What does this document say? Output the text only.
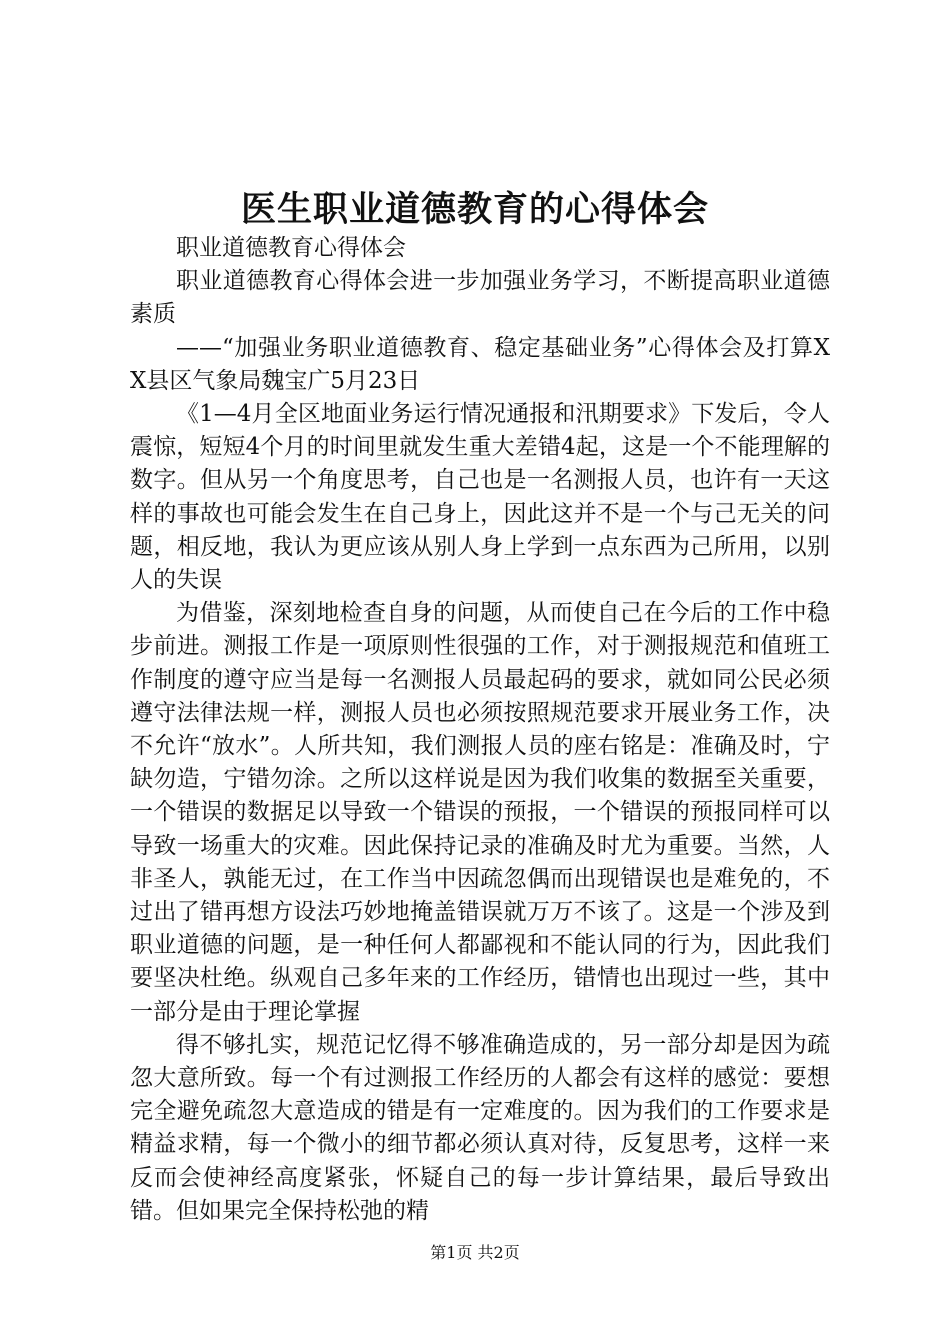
医生职业道德教育的心得体会

职业道德教育心得体会

职业道德教育心得体会进一步加强业务学习，不断提高职业道德素质

——“加强业务职业道德教育、稳定基础业务”心得体会及打算XX县区气象局魏宝广5月23日

《1—4月全区地面业务运行情况通报和汛期要求》下发后，令人震惊，短短4个月的时间里就发生重大差错4起，这是一个不能理解的数字。但从另一个角度思考，自己也是一名测报人员，也许有一天这样的事故也可能会发生在自己身上，因此这并不是一个与己无关的问题，相反地，我认为更应该从别人身上学到一点东西为己所用，以别人的失误

为借鉴，深刻地检查自身的问题，从而使自己在今后的工作中稳步前进。测报工作是一项原则性很强的工作，对于测报规范和值班工作制度的遵守应当是每一名测报人员最起码的要求，就如同公民必须遵守法律法规一样，测报人员也必须按照规范要求开展业务工作，决不允许“放水”。人所共知，我们测报人员的座右铭是：准确及时，宁缺勿造，宁错勿涂。之所以这样说是因为我们收集的数据至关重要，一个错误的数据足以导致一个错误的预报，一个错误的预报同样可以导致一场重大的灾难。因此保持记录的准确及时尤为重要。当然，人非圣人，孰能无过，在工作当中因疏忽偶而出现错误也是难免的，不过出了错再想方设法巧妙地掩盖错误就万万不该了。这是一个涉及到职业道德的问题，是一种任何人都鄙视和不能认同的行为，因此我们要坚决杜绝。纵观自己多年来的工作经历，错情也出现过一些，其中一部分是由于理论掌握

得不够扎实，规范记忆得不够准确造成的，另一部分却是因为疏忽大意所致。每一个有过测报工作经历的人都会有这样的感觉：要想完全避免疏忽大意造成的错是有一定难度的。因为我们的工作要求是精益求精，每一个微小的细节都必须认真对待，反复思考，这样一来反而会使神经高度紧张，怀疑自己的每一步计算结果，最后导致出错。但如果完全保持松弛的精

第1页 共2页
